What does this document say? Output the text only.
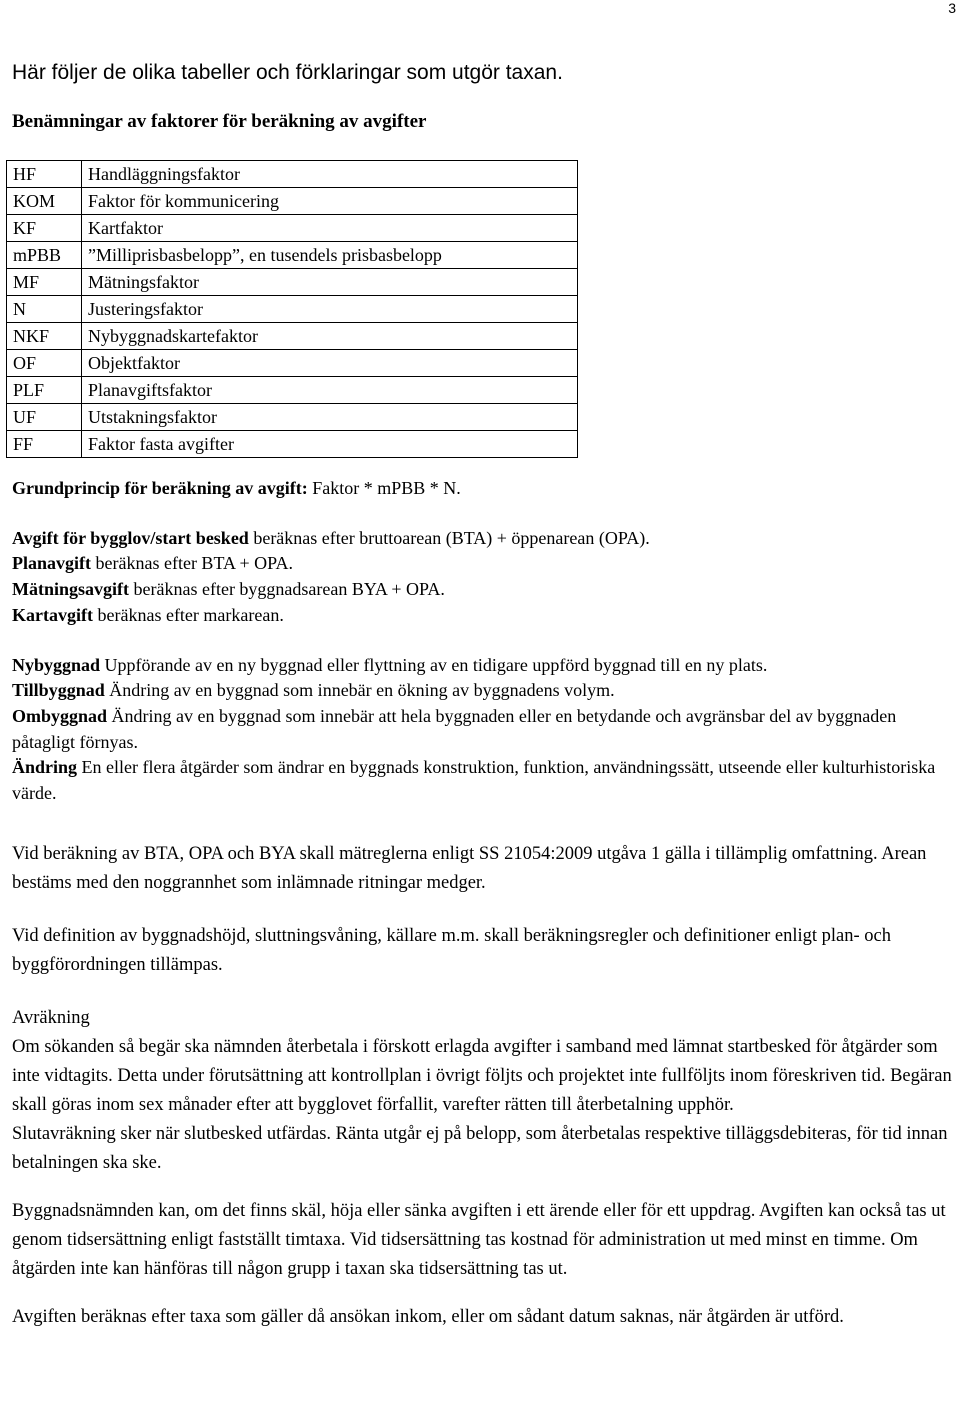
3
Här följer de olika tabeller och förklaringar som utgör taxan.
Benämningar av faktorer för beräkning av avgifter
HF	Handläggningsfaktor
KOM	Faktor för kommunicering
KF	Kartfaktor
mPBB	”Milliprisbasbelopp”, en tusendels prisbasbelopp
MF	Mätningsfaktor
N	Justeringsfaktor
NKF	Nybyggnadskartefaktor
OF	Objektfaktor
PLF	Planavgiftsfaktor
UF	Utstakningsfaktor
FF	Faktor fasta avgifter

Grundprincip för beräkning av avgift: Faktor * mPBB * N.

Avgift för bygglov/start besked beräknas efter bruttoarean (BTA) + öppenarean (OPA).

Planavgift beräknas efter BTA + OPA.

Mätningsavgift beräknas efter byggnadsarean BYA + OPA.

Kartavgift beräknas efter markarean.

Nybyggnad Uppförande av en ny byggnad eller flyttning av en tidigare uppförd byggnad till en ny plats.

Tillbyggnad Ändring av en byggnad som innebär en ökning av byggnadens volym.

Ombyggnad Ändring av en byggnad som innebär att hela byggnaden eller en betydande och avgränsbar del av byggnaden påtagligt förnyas.

Ändring En eller flera åtgärder som ändrar en byggnads konstruktion, funktion, användningssätt, utseende eller kulturhistoriska värde.

Vid beräkning av BTA, OPA och BYA skall mätreglerna enligt SS 21054:2009 utgåva 1 gälla i tillämplig omfattning. Arean bestäms med den noggrannhet som inlämnade ritningar medger.

Vid definition av byggnadshöjd, sluttningsvåning, källare m.m. skall beräkningsregler och definitioner enligt plan- och byggförordningen tillämpas.

Avräkning

Om sökanden så begär ska nämnden återbetala i förskott erlagda avgifter i samband med lämnat startbesked för åtgärder som inte vidtagits. Detta under förutsättning att kontrollplan i övrigt följts och projektet inte fullföljts inom föreskriven tid. Begäran skall göras inom sex månader efter att bygglovet förfallit, varefter rätten till återbetalning upphör.

Slutavräkning sker när slutbesked utfärdas. Ränta utgår ej på belopp, som återbetalas respektive tilläggsdebiteras, för tid innan betalningen ska ske.

Byggnadsnämnden kan, om det finns skäl, höja eller sänka avgiften i ett ärende eller för ett uppdrag. Avgiften kan också tas ut genom tidsersättning enligt fastställt timtaxa. Vid tidsersättning tas kostnad för administration ut med minst en timme. Om åtgärden inte kan hänföras till någon grupp i taxan ska tidsersättning tas ut.

Avgiften beräknas efter taxa som gäller då ansökan inkom, eller om sådant datum saknas, när åtgärden är utförd.
